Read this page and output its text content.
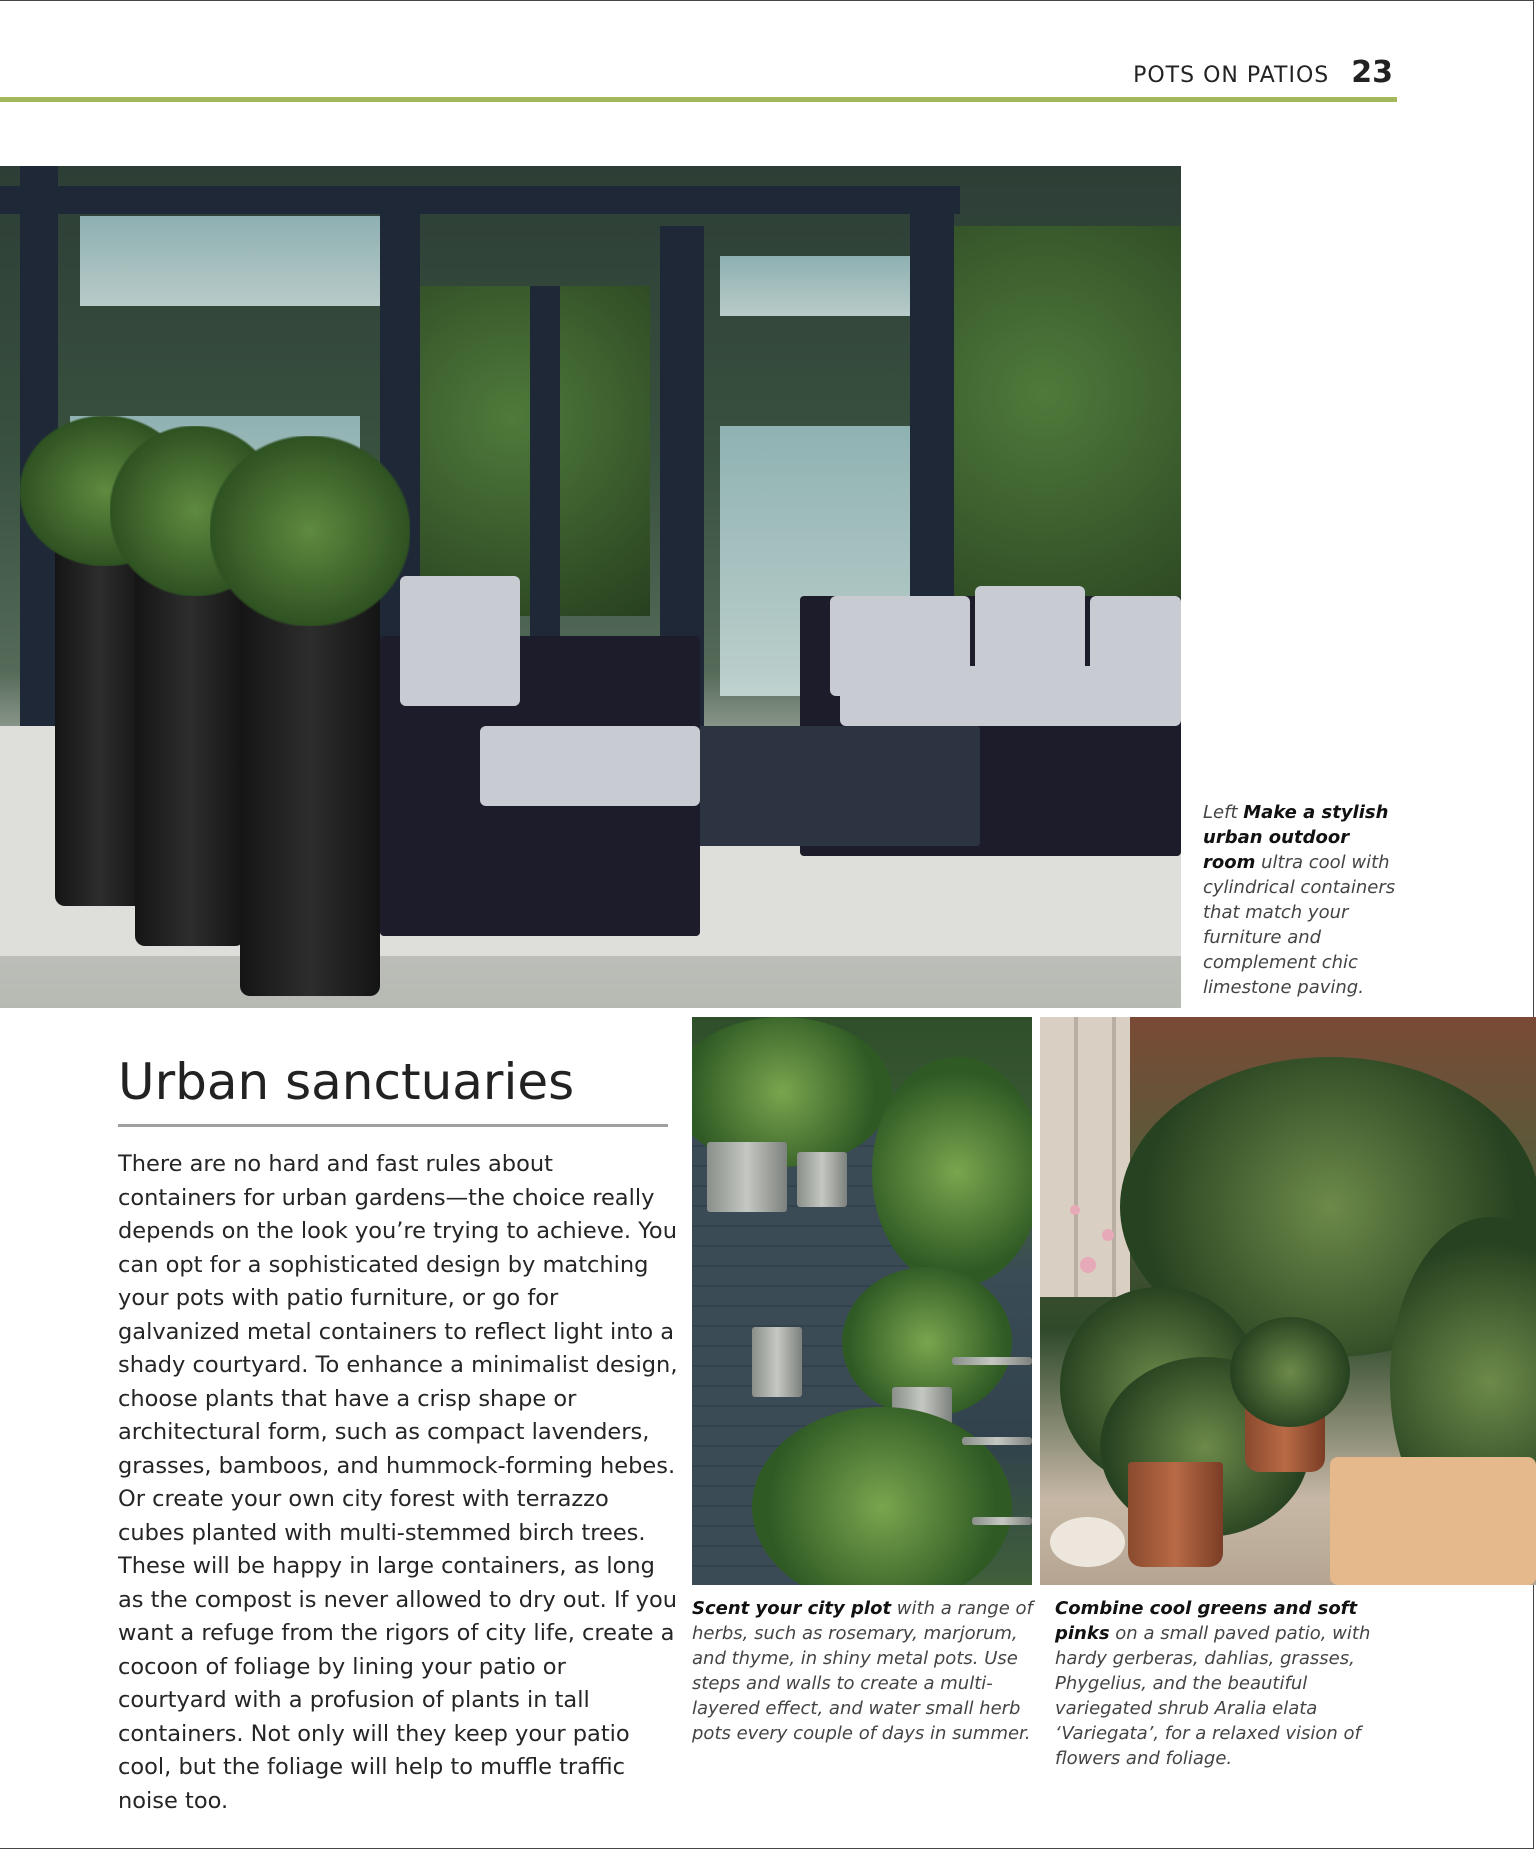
POTS ON PATIOS 23
Left Make a stylish urban outdoor room ultra cool with cylindrical containers that match your furniture and complement chic limestone paving.
Scent your city plot with a range of herbs, such as rosemary, marjorum, and thyme, in shiny metal pots. Use steps and walls to create a multi-layered effect, and water small herb pots every couple of days in summer.
Combine cool greens and soft pinks on a small paved patio, with hardy gerberas, dahlias, grasses, Phygelius, and the beautiful variegated shrub Aralia elata ‘Variegata’, for a relaxed vision of flowers and foliage.
Urban sanctuaries

There are no hard and fast rules about containers for urban gardens—the choice really depends on the look you’re trying to achieve. You can opt for a sophisticated design by matching your pots with patio furniture, or go for galvanized metal containers to reflect light into a shady courtyard. To enhance a minimalist design, choose plants that have a crisp shape or architectural form, such as compact lavenders, grasses, bamboos, and hummock-forming hebes. Or create your own city forest with terrazzo cubes planted with multi-stemmed birch trees. These will be happy in large containers, as long as the compost is never allowed to dry out. If you want a refuge from the rigors of city life, create a cocoon of foliage by lining your patio or courtyard with a profusion of plants in tall containers. Not only will they keep your patio cool, but the foliage will help to muffle traffic noise too.
